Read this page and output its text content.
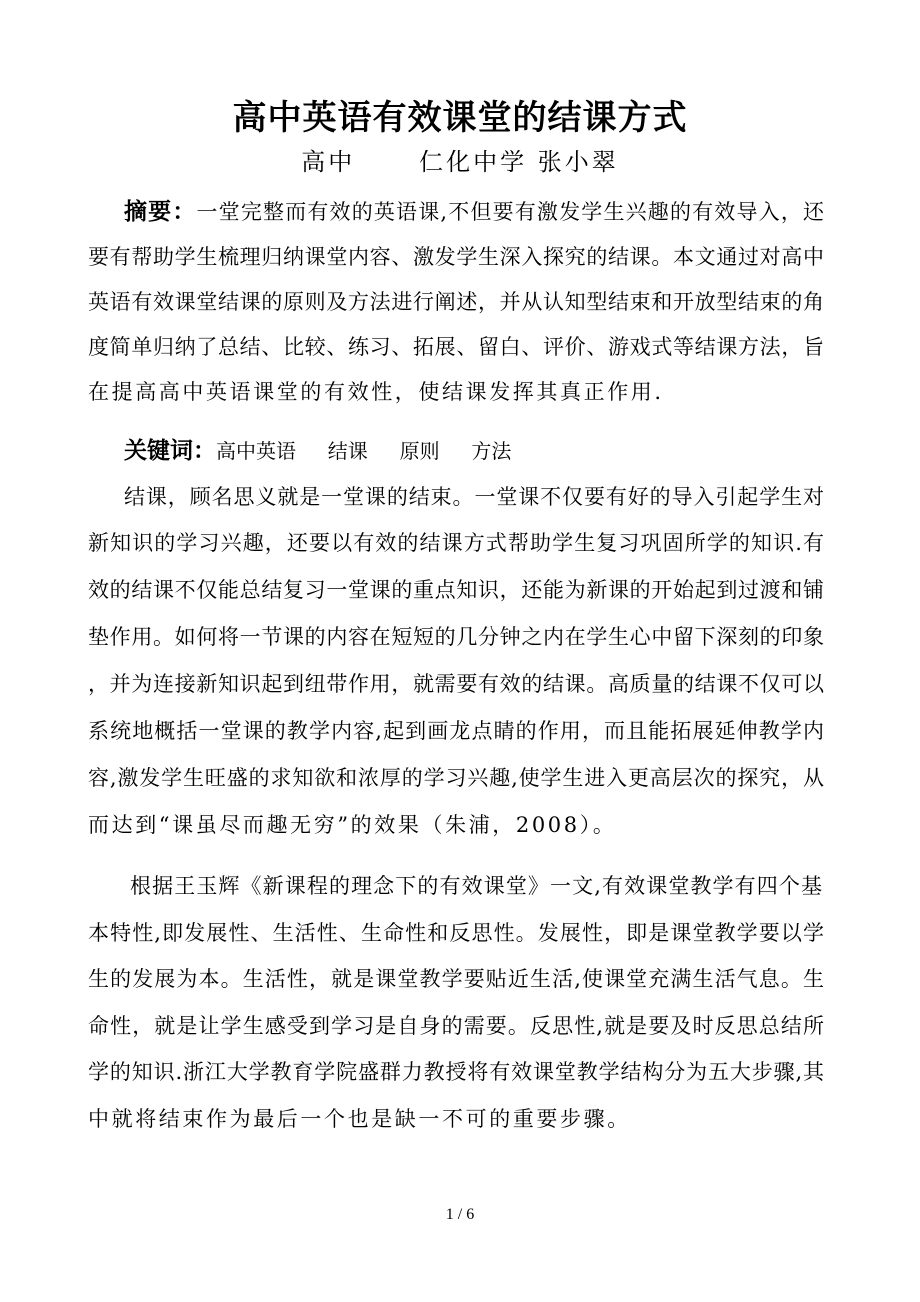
高中英语有效课堂的结课方式
高中      仁化中学 张小翠
摘要：一堂完整而有效的英语课,不但要有激发学生兴趣的有效导入，还
要有帮助学生梳理归纳课堂内容、激发学生深入探究的结课。本文通过对高中
英语有效课堂结课的原则及方法进行阐述，并从认知型结束和开放型结束的角
度简单归纳了总结、比较、练习、拓展、留白、评价、游戏式等结课方法，旨
在提高高中英语课堂的有效性，使结课发挥其真正作用.
关键词：高中英语     结课     原则     方法
结课，顾名思义就是一堂课的结束。一堂课不仅要有好的导入引起学生对
新知识的学习兴趣，还要以有效的结课方式帮助学生复习巩固所学的知识.有
效的结课不仅能总结复习一堂课的重点知识，还能为新课的开始起到过渡和铺
垫作用。如何将一节课的内容在短短的几分钟之内在学生心中留下深刻的印象
，并为连接新知识起到纽带作用，就需要有效的结课。高质量的结课不仅可以
系统地概括一堂课的教学内容,起到画龙点睛的作用，而且能拓展延伸教学内
容,激发学生旺盛的求知欲和浓厚的学习兴趣,使学生进入更高层次的探究，从
而达到“课虽尽而趣无穷”的效果（朱浦，2008）。
根据王玉辉《新课程的理念下的有效课堂》一文,有效课堂教学有四个基
本特性,即发展性、生活性、生命性和反思性。发展性，即是课堂教学要以学
生的发展为本。生活性，就是课堂教学要贴近生活,使课堂充满生活气息。生
命性，就是让学生感受到学习是自身的需要。反思性,就是要及时反思总结所
学的知识.浙江大学教育学院盛群力教授将有效课堂教学结构分为五大步骤,其
中就将结束作为最后一个也是缺一不可的重要步骤。
1 / 6
